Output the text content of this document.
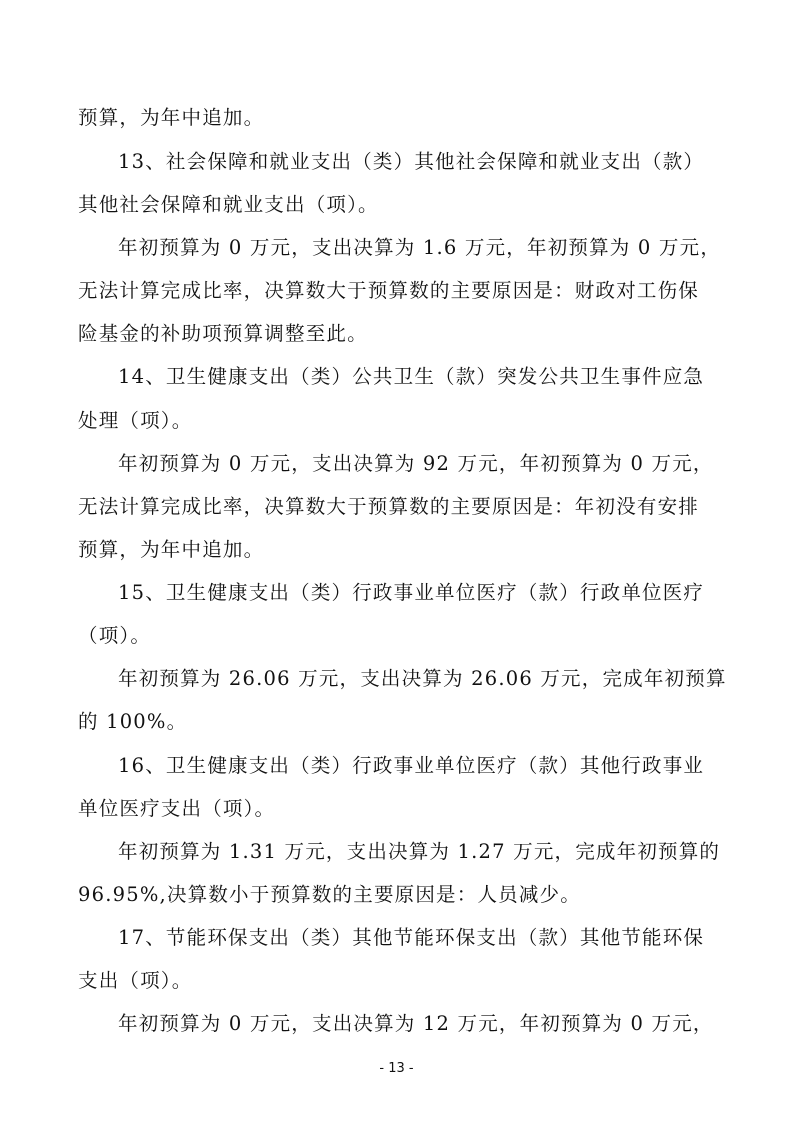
预算，为年中追加。
13、社会保障和就业支出（类）其他社会保障和就业支出（款）
其他社会保障和就业支出（项）。
年初预算为 0 万元，支出决算为 1.6 万元，年初预算为 0 万元，
无法计算完成比率，决算数大于预算数的主要原因是：财政对工伤保
险基金的补助项预算调整至此。
14、卫生健康支出（类）公共卫生（款）突发公共卫生事件应急
处理（项）。
年初预算为 0 万元，支出决算为 92 万元，年初预算为 0 万元，
无法计算完成比率，决算数大于预算数的主要原因是：年初没有安排
预算，为年中追加。
15、卫生健康支出（类）行政事业单位医疗（款）行政单位医疗
（项）。
年初预算为 26.06 万元，支出决算为 26.06 万元，完成年初预算
的 100%。
16、卫生健康支出（类）行政事业单位医疗（款）其他行政事业
单位医疗支出（项）。
年初预算为 1.31 万元，支出决算为 1.27 万元，完成年初预算的
96.95%,决算数小于预算数的主要原因是：人员减少。
17、节能环保支出（类）其他节能环保支出（款）其他节能环保
支出（项）。
年初预算为 0 万元，支出决算为 12 万元，年初预算为 0 万元，
- 13 -
